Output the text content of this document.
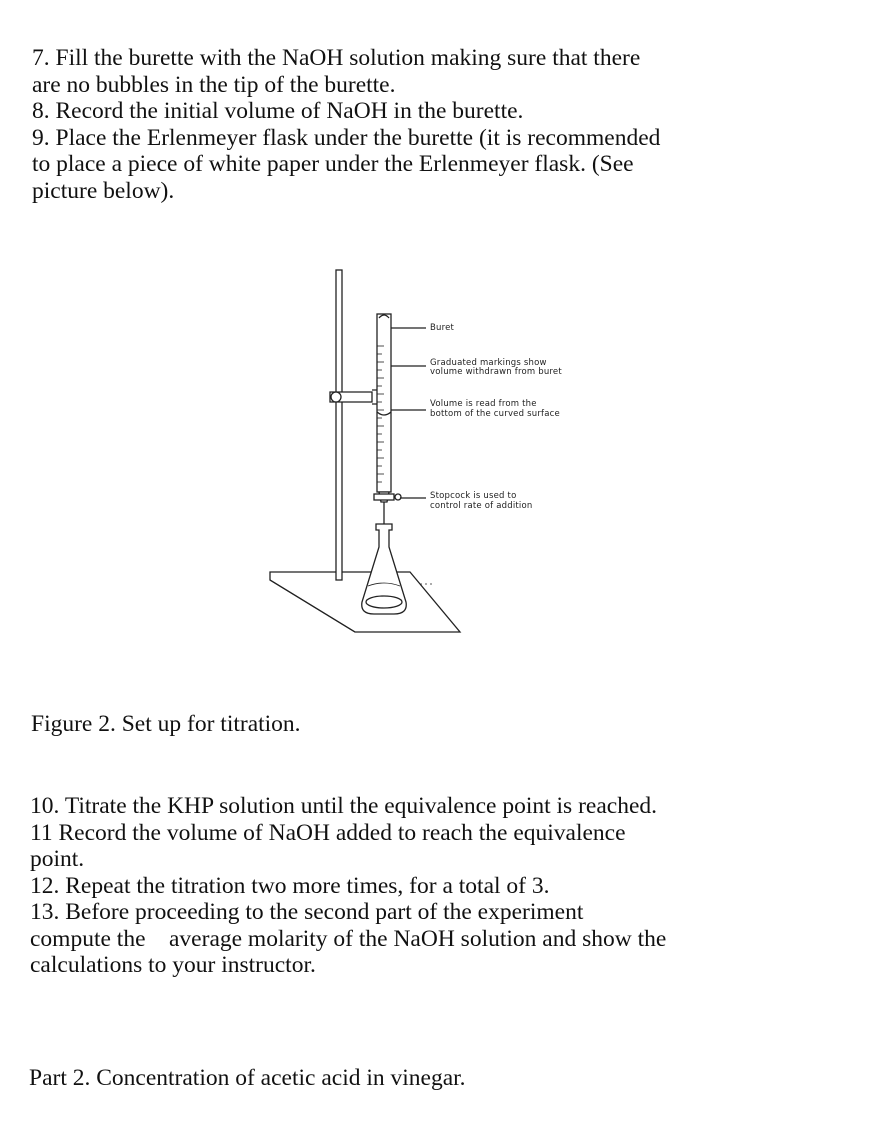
7. Fill the burette with the NaOH solution making sure that there
are no bubbles in the tip of the burette.
8. Record the initial volume of NaOH in the burette.
9. Place the Erlenmeyer flask under the burette (it is recommended
to place a piece of white paper under the Erlenmeyer flask. (See
picture below).
Buret
Graduated markings show
volume withdrawn from buret
Volume is read from the
bottom of the curved surface
Stopcock is used to
control rate of addition
Figure 2. Set up for titration.
10. Titrate the KHP solution until the equivalence point is reached.
11 Record the volume of NaOH added to reach the equivalence
point.
12. Repeat the titration two more times, for a total of 3.
13. Before proceeding to the second part of the experiment
compute the    average molarity of the NaOH solution and show the
calculations to your instructor.
Part 2. Concentration of acetic acid in vinegar.
